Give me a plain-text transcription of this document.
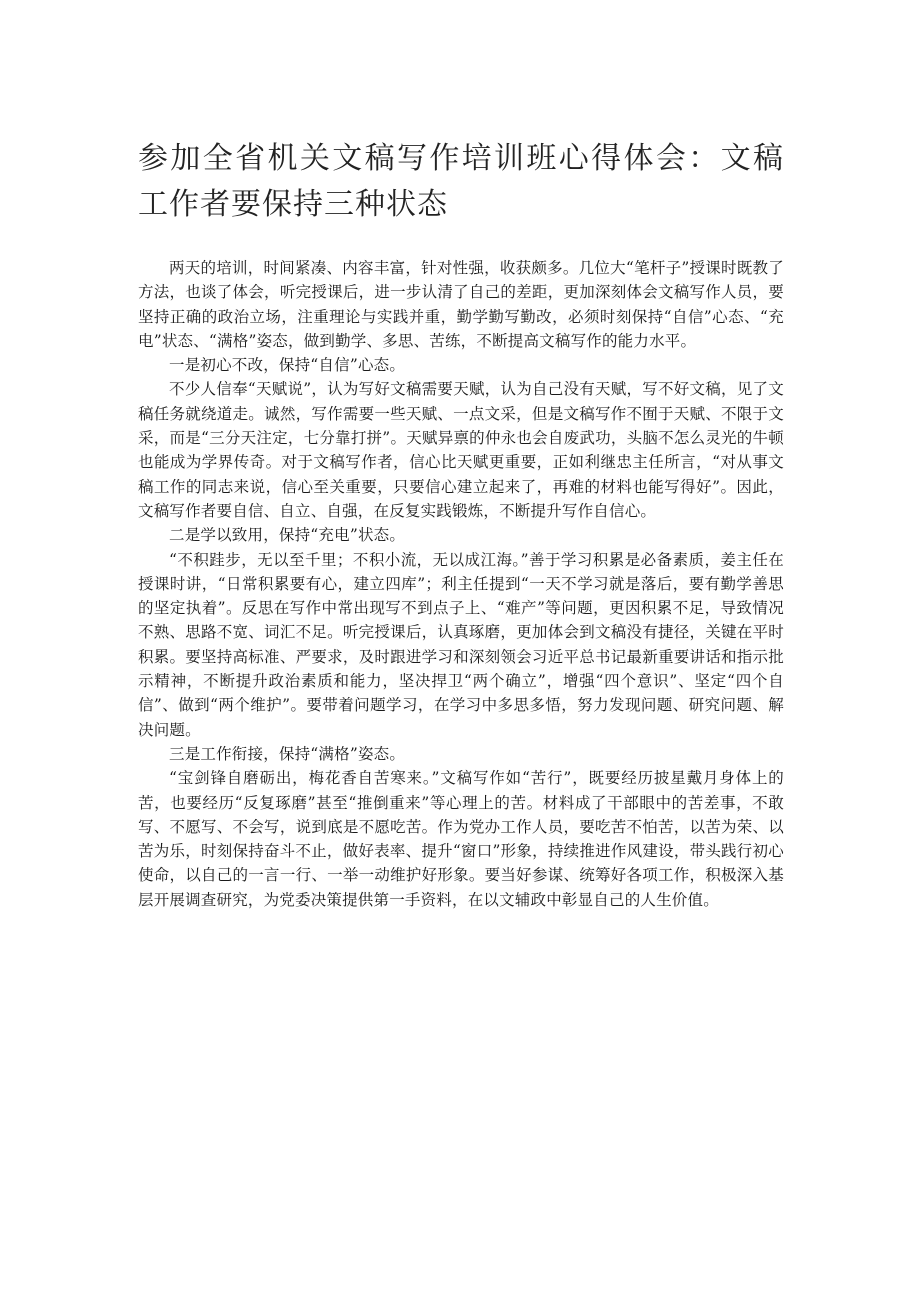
参加全省机关文稿写作培训班心得体会：文稿工作者要保持三种状态

两天的培训，时间紧凑、内容丰富，针对性强，收获颇多。几位大“笔杆子”授课时既教了方法，也谈了体会，听完授课后，进一步认清了自己的差距，更加深刻体会文稿写作人员，要坚持正确的政治立场，注重理论与实践并重，勤学勤写勤改，必须时刻保持“自信”心态、“充电”状态、“满格”姿态，做到勤学、多思、苦练，不断提高文稿写作的能力水平。

一是初心不改，保持“自信”心态。

不少人信奉“天赋说”，认为写好文稿需要天赋，认为自己没有天赋，写不好文稿，见了文稿任务就绕道走。诚然，写作需要一些天赋、一点文采，但是文稿写作不囿于天赋、不限于文采，而是“三分天注定，七分靠打拼”。天赋异禀的仲永也会自废武功，头脑不怎么灵光的牛顿也能成为学界传奇。对于文稿写作者，信心比天赋更重要，正如利继忠主任所言，“对从事文稿工作的同志来说，信心至关重要，只要信心建立起来了，再难的材料也能写得好”。因此，文稿写作者要自信、自立、自强，在反复实践锻炼，不断提升写作自信心。

二是学以致用，保持“充电”状态。

“不积跬步，无以至千里；不积小流，无以成江海。”善于学习积累是必备素质，姜主任在授课时讲，“日常积累要有心，建立四库”；利主任提到“一天不学习就是落后，要有勤学善思的坚定执着”。反思在写作中常出现写不到点子上、“难产”等问题，更因积累不足，导致情况不熟、思路不宽、词汇不足。听完授课后，认真琢磨，更加体会到文稿没有捷径，关键在平时积累。要坚持高标准、严要求，及时跟进学习和深刻领会习近平总书记最新重要讲话和指示批示精神，不断提升政治素质和能力，坚决捍卫“两个确立”，增强“四个意识”、坚定“四个自信”、做到“两个维护”。要带着问题学习，在学习中多思多悟，努力发现问题、研究问题、解决问题。

三是工作衔接，保持“满格”姿态。

“宝剑锋自磨砺出，梅花香自苦寒来。”文稿写作如“苦行”，既要经历披星戴月身体上的苦，也要经历“反复琢磨”甚至“推倒重来”等心理上的苦。材料成了干部眼中的苦差事，不敢写、不愿写、不会写，说到底是不愿吃苦。作为党办工作人员，要吃苦不怕苦，以苦为荣、以苦为乐，时刻保持奋斗不止，做好表率、提升“窗口”形象，持续推进作风建设，带头践行初心使命，以自己的一言一行、一举一动维护好形象。要当好参谋、统筹好各项工作，积极深入基层开展调查研究，为党委决策提供第一手资料，在以文辅政中彰显自己的人生价值。
